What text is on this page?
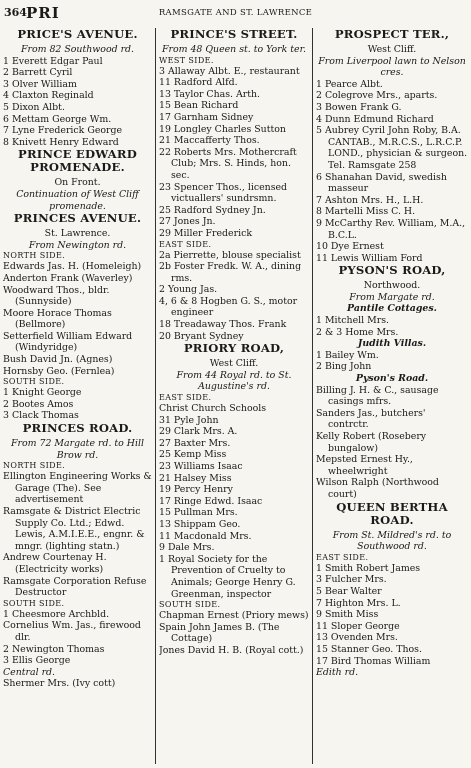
364 PRI	RAMSGATE AND ST. LAWRENCE
PRICE'S AVENUE.
From 82 Southwood rd.
1 Everett Edgar Paul
2 Barrett Cyril
3 Olver William
4 Claxton Reginald
5 Dixon Albt.
6 Mettam George Wm.
7 Lyne Frederick George
8 Knivett Henry Edward
PRINCE EDWARD PROMENADE.
On Front.
Continuation of West Cliff promenade.
PRINCES AVENUE.
St. Lawrence.
From Newington rd.
NORTH SIDE.
Edwards Jas. H. (Homeleigh)
Anderton Frank (Waverley)
Woodward Thos., bldr. (Sunnyside)
Moore Horace Thomas (Bellmore)
Setterfield William Edward (Windyridge)
Bush David Jn. (Agnes)
Hornsby Geo. (Fernlea)
SOUTH SIDE.
1 Knight George
2 Bootes Amos
3 Clack Thomas
PRINCES ROAD.
From 72 Margate rd. to Hill Brow rd.
NORTH SIDE.
Ellington Engineering Works & Garage (The). See advertisement
Ramsgate & District Electric Supply Co. Ltd.; Edwd. Lewis, A.M.I.E.E., engnr. & mngr. (lighting statn.)
Andrew Courtenay H. (Electricity works)
Ramsgate Corporation Refuse Destructor
SOUTH SIDE.
1 Cheesmore Archbld.
Cornelius Wm. Jas., firewood dlr.
2 Newington Thomas
3 Ellis George
Central rd.
Shermer Mrs. (Ivy cott)
PRINCE'S STREET.
From 48 Queen st. to York ter.
WEST SIDE.
3 Allaway Albt. E., restaurant
11 Radford Alfd.
13 Taylor Chas. Arth.
15 Bean Richard
17 Garnham Sidney
19 Longley Charles Sutton
21 Maccafferty Thos.
22 Roberts Mrs. Mothercraft Club; Mrs. S. Hinds, hon. sec.
23 Spencer Thos., licensed victuallers' sundrsmn.
25 Radford Sydney Jn.
27 Jones Jn.
29 Miller Frederick
EAST SIDE.
2a Pierrette, blouse specialist
2b Foster Fredk. W. A., dining rms.
2 Young Jas.
4, 6 & 8 Hogben G. S., motor engineer
18 Treadaway Thos. Frank
20 Bryant Sydney
PRIORY ROAD,
West Cliff.
From 44 Royal rd. to St. Augustine's rd.
EAST SIDE.
Christ Church Schools
31 Pyle John
29 Clark Mrs. A.
27 Baxter Mrs.
25 Kemp Miss
23 Williams Isaac
21 Halsey Miss
19 Percy Henry
17 Ringe Edwd. Isaac
15 Pullman Mrs.
13 Shippam Geo.
11 Macdonald Mrs.
9 Dale Mrs.
1 Royal Society for the Prevention of Cruelty to Animals; George Henry G. Greenman, inspector
SOUTH SIDE.
Chapman Ernest (Priory mews)
Spain John James B. (The Cottage)
Jones David H. B. (Royal cott.)
PROSPECT TER.,
West Cliff.
From Liverpool lawn to Nelson cres.
1 Pearce Albt.
2 Colegrove Mrs., aparts.
3 Bowen Frank G.
4 Dunn Edmund Richard
5 Aubrey Cyril John Roby, B.A. CANTAB., M.R.C.S., L.R.C.P. LOND., physician & surgeon. Tel. Ramsgate 258
6 Shanahan David, swedish masseur
7 Ashton Mrs. H., L.H.
8 Martelli Miss C. H.
9 McCarthy Rev. William, M.A., B.C.L.
10 Dye Ernest
11 Lewis William Ford
PYSON'S ROAD,
Northwood.
From Margate rd.
Pantile Cottages.
1 Mitchell Mrs.
2 & 3 Home Mrs.
Judith Villas.
1 Bailey Wm.
2 Bing John
Pyson's Road.
Billing J. H. & C., sausage casings mfrs.
Sanders Jas., butchers' contrctr.
Kelly Robert (Rosebery bungalow)
Mepsted Ernest Hy., wheelwright
Wilson Ralph (Northwood court)
QUEEN BERTHA ROAD.
From St. Mildred's rd. to Southwood rd.
EAST SIDE.
1 Smith Robert James
3 Fulcher Mrs.
5 Bear Walter
7 Highton Mrs. L.
9 Smith Miss
11 Sloper George
13 Ovenden Mrs.
15 Stanner Geo. Thos.
17 Bird Thomas William
Edith rd.
